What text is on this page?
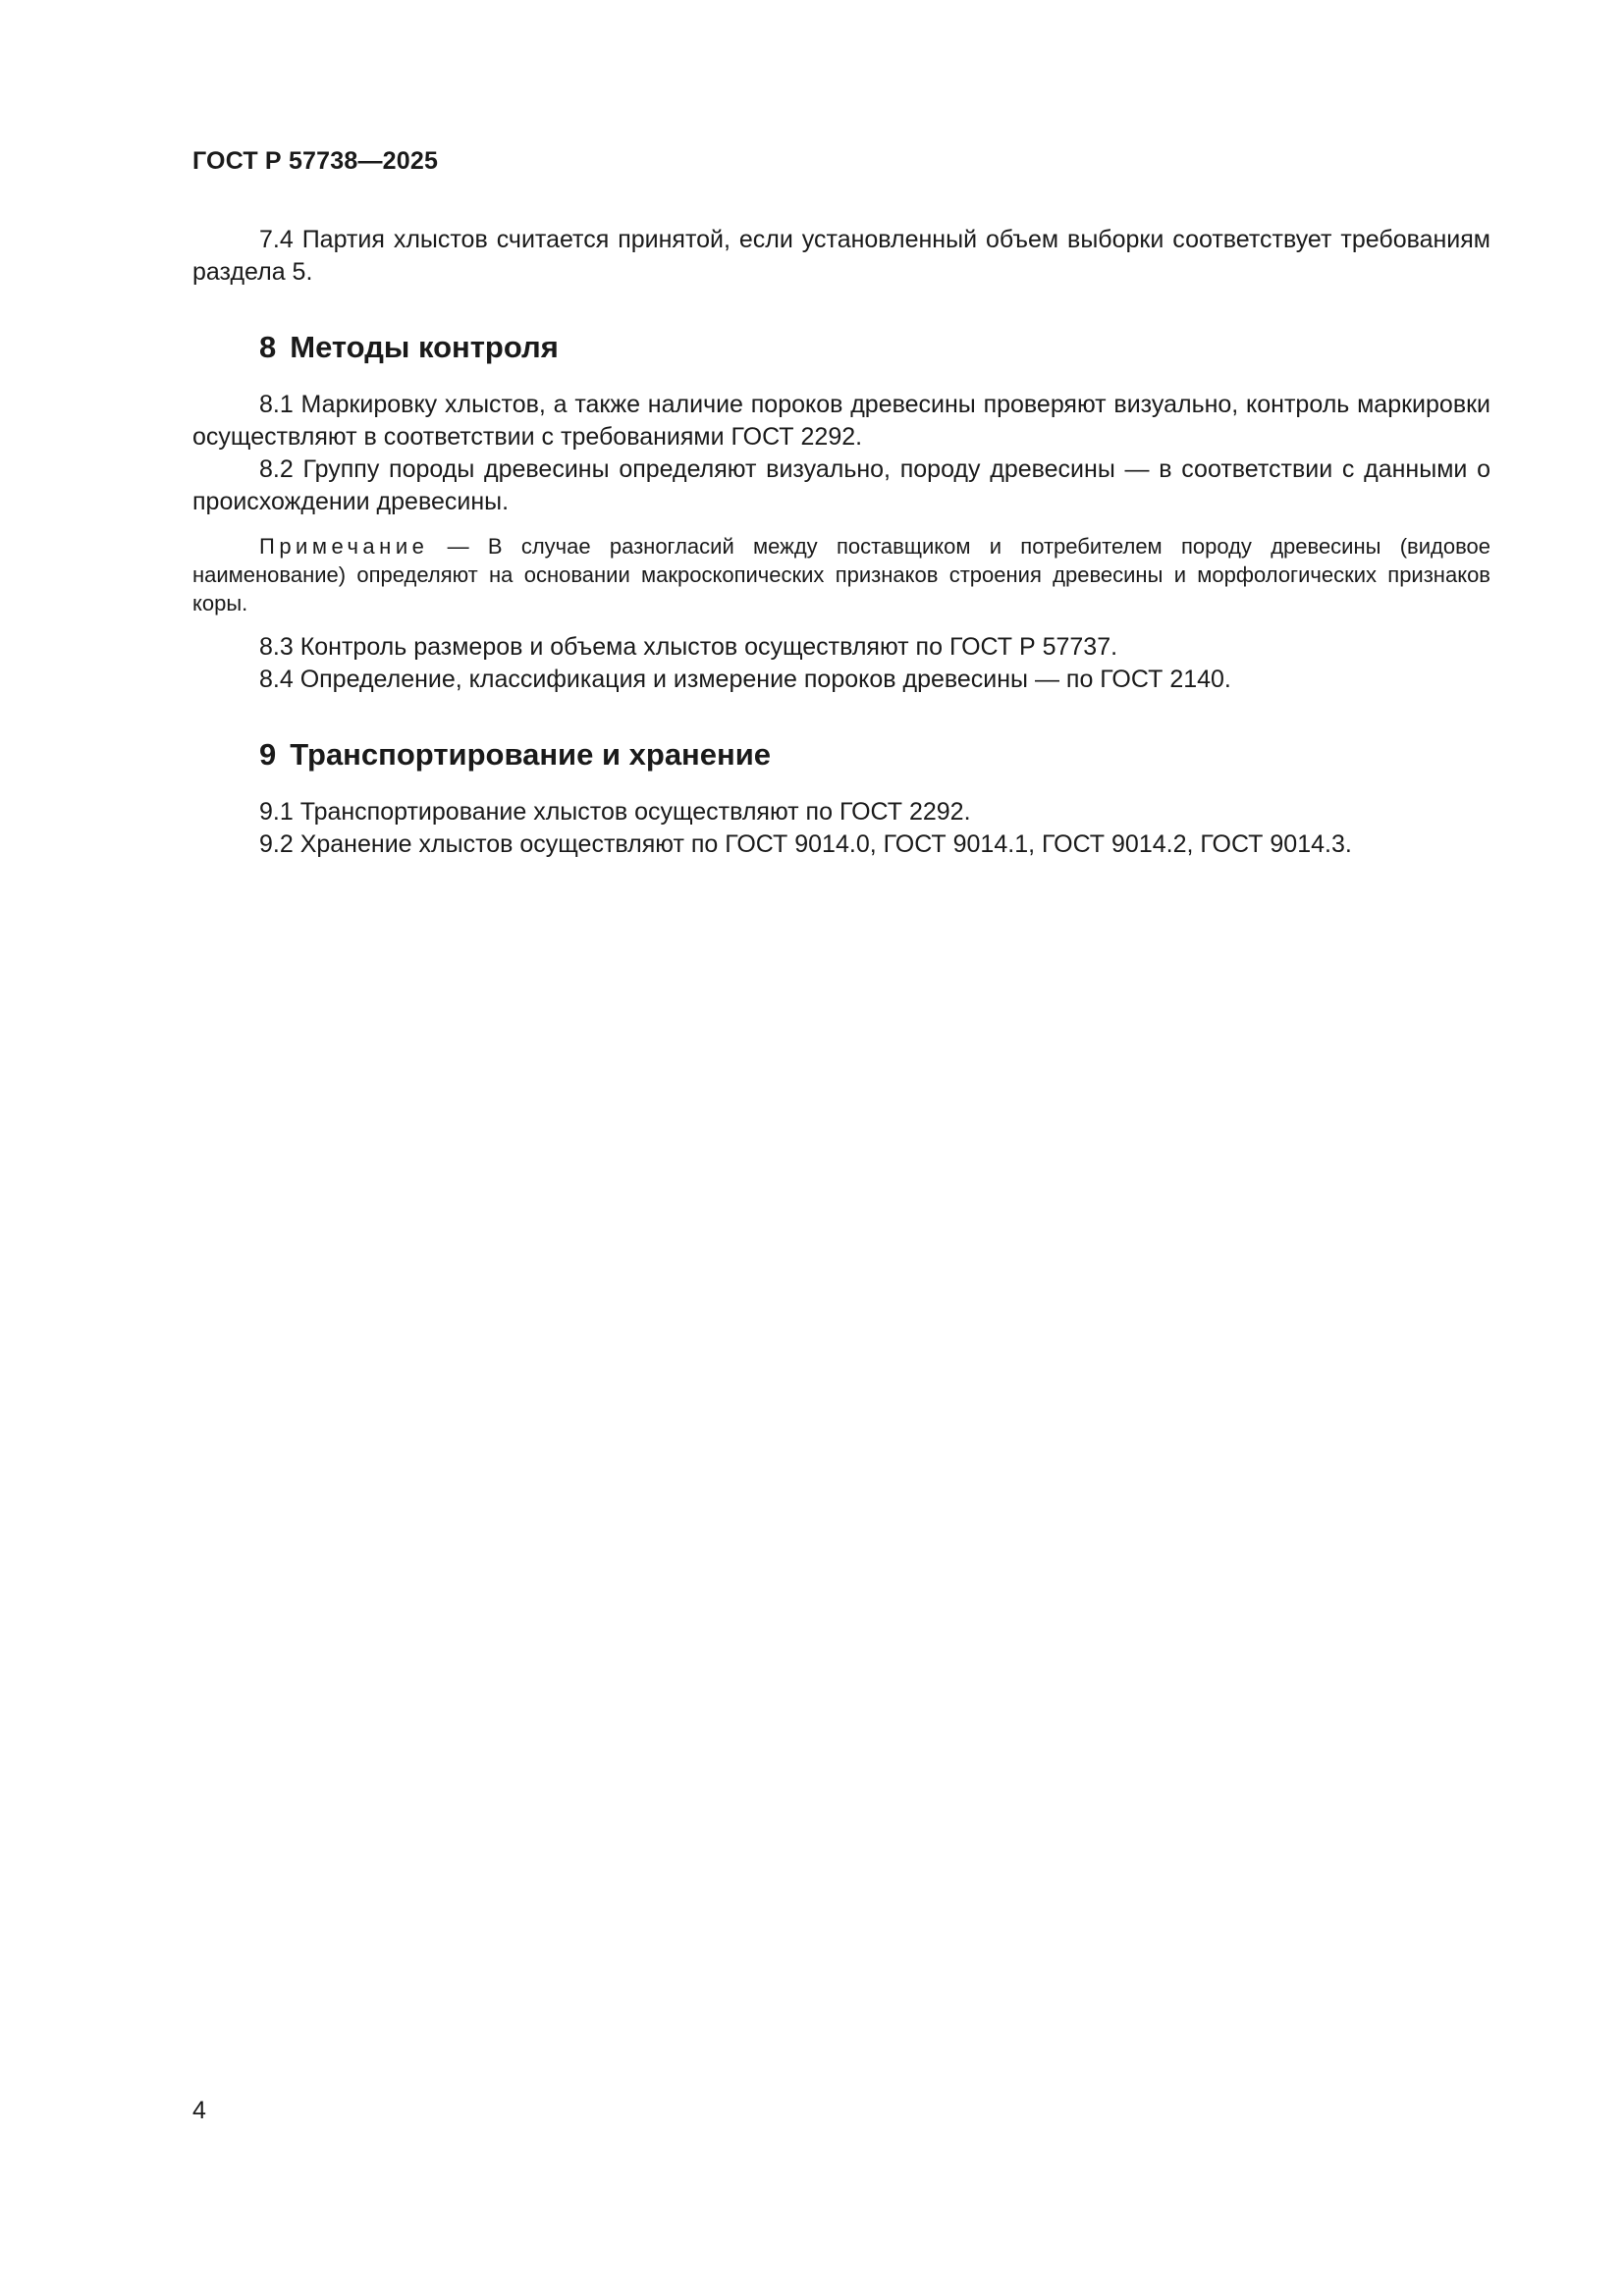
ГОСТ Р 57738—2025

7.4 Партия хлыстов считается принятой, если установленный объем выборки соответствует требованиям раздела 5.

8 Методы контроля

8.1 Маркировку хлыстов, а также наличие пороков древесины проверяют визуально, контроль маркировки осуществляют в соответствии с требованиями ГОСТ 2292.

8.2 Группу породы древесины определяют визуально, породу древесины — в соответствии с данными о происхождении древесины.

Примечание — В случае разногласий между поставщиком и потребителем породу древесины (видовое наименование) определяют на основании макроскопических признаков строения древесины и морфологических признаков коры.

8.3 Контроль размеров и объема хлыстов осуществляют по ГОСТ Р 57737.

8.4 Определение, классификация и измерение пороков древесины — по ГОСТ 2140.

9 Транспортирование и хранение

9.1 Транспортирование хлыстов осуществляют по ГОСТ 2292.

9.2 Хранение хлыстов осуществляют по ГОСТ 9014.0, ГОСТ 9014.1, ГОСТ 9014.2, ГОСТ 9014.3.

4
